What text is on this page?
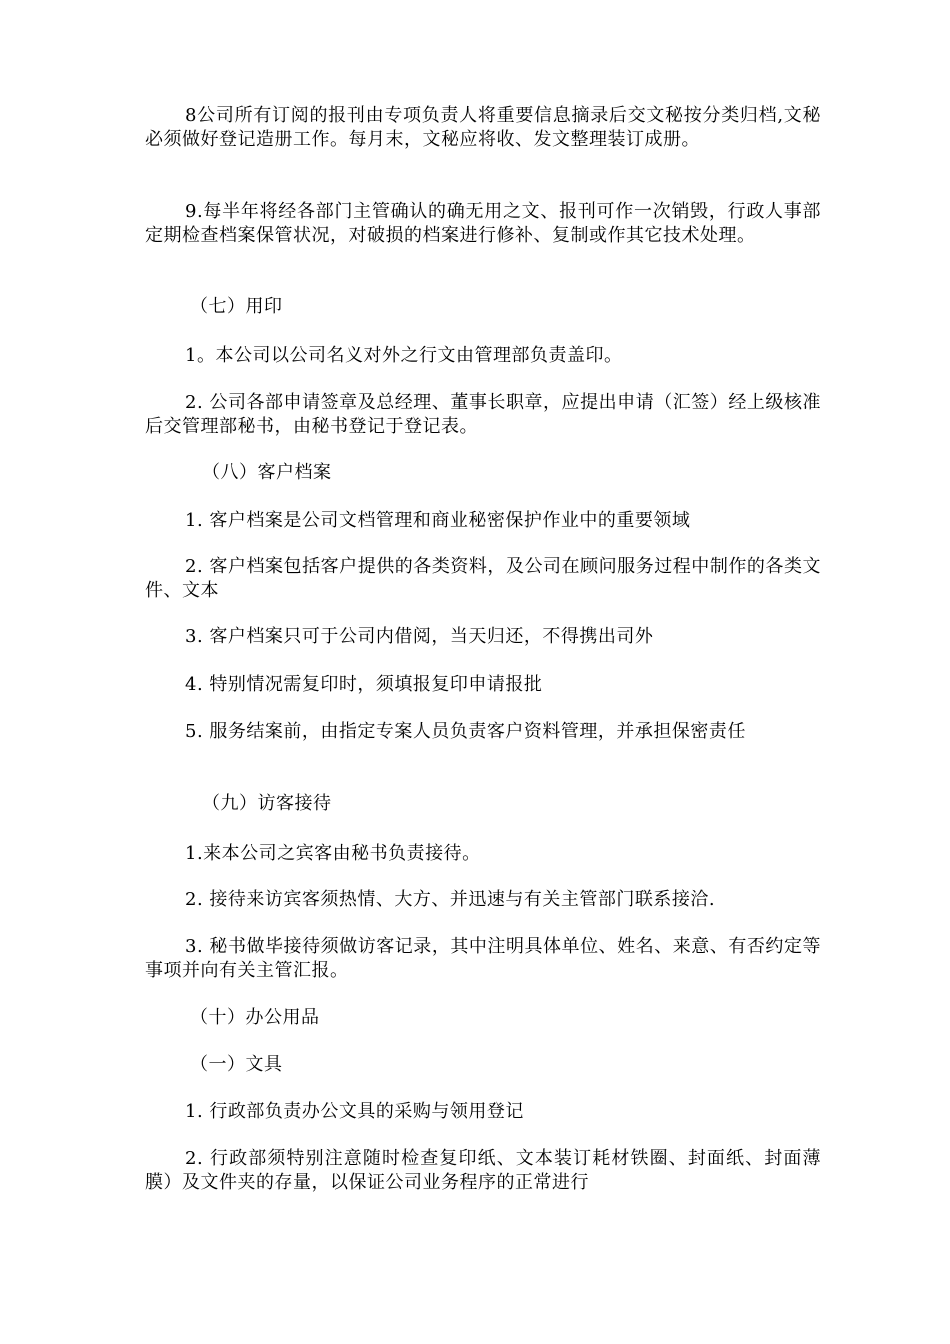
8公司所有订阅的报刊由专项负责人将重要信息摘录后交文秘按分类归档,文秘必须做好登记造册工作。每月末，文秘应将收、发文整理装订成册。
9.每半年将经各部门主管确认的确无用之文、报刊可作一次销毁，行政人事部定期检查档案保管状况，对破损的档案进行修补、复制或作其它技术处理。
（七）用印
1。本公司以公司名义对外之行文由管理部负责盖印。
2. 公司各部申请签章及总经理、董事长职章，应提出申请（汇签）经上级核准后交管理部秘书，由秘书登记于登记表。
（八）客户档案
1. 客户档案是公司文档管理和商业秘密保护作业中的重要领域
2. 客户档案包括客户提供的各类资料，及公司在顾问服务过程中制作的各类文件、文本
3. 客户档案只可于公司内借阅，当天归还，不得携出司外
4. 特别情况需复印时，须填报复印申请报批
5. 服务结案前，由指定专案人员负责客户资料管理，并承担保密责任
（九）访客接待
1.来本公司之宾客由秘书负责接待。
2. 接待来访宾客须热情、大方、并迅速与有关主管部门联系接洽.
3. 秘书做毕接待须做访客记录，其中注明具体单位、姓名、来意、有否约定等事项并向有关主管汇报。
（十）办公用品
（一）文具
1. 行政部负责办公文具的采购与领用登记
2. 行政部须特别注意随时检查复印纸、文本装订耗材铁圈、封面纸、封面薄膜）及文件夹的存量，以保证公司业务程序的正常进行
